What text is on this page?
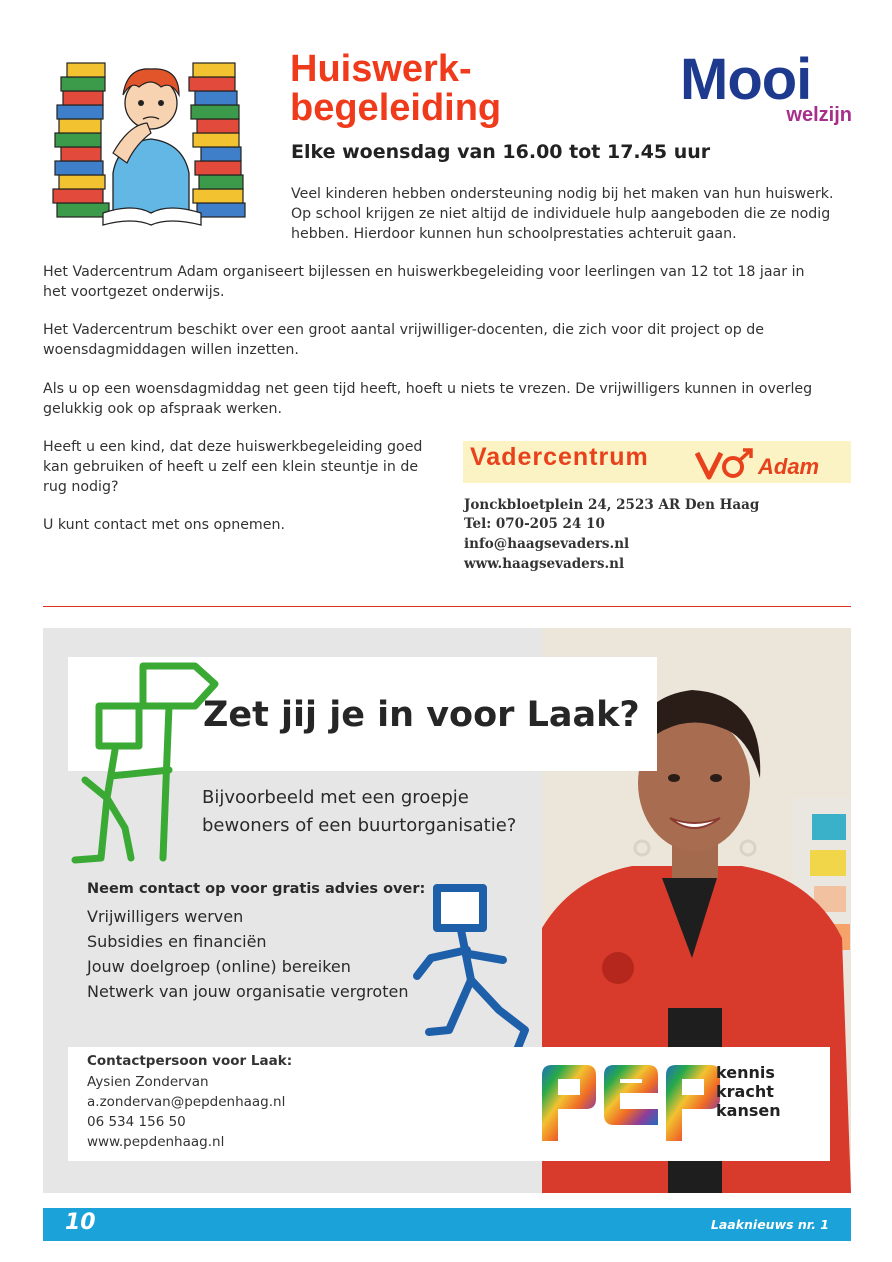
Huiswerk-
begeleiding	Mooi
welzijn
Elke woensdag van 16.00 tot 17.45 uur
Veel kinderen hebben ondersteuning nodig bij het maken van hun huiswerk.
Op school krijgen ze niet altijd de individuele hulp aangeboden die ze nodig
hebben. Hierdoor kunnen hun schoolprestaties achteruit gaan.
Het Vadercentrum Adam organiseert bijlessen en huiswerkbegeleiding voor leerlingen van 12 tot 18 jaar in
het voortgezet onderwijs.
Het Vadercentrum beschikt over een groot aantal vrijwilliger-docenten, die zich voor dit project op de
woensdagmiddagen willen inzetten.
Als u op een woensdagmiddag net geen tijd heeft, hoeft u niets te vrezen. De vrijwilligers kunnen in overleg
gelukkig ook op afspraak werken.
Heeft u een kind, dat deze huiswerkbegeleiding goed
kan gebruiken of heeft u zelf een klein steuntje in de
rug nodig?
U kunt contact met ons opnemen.
Vadercentrum	Adam
Jonckbloetplein 24, 2523 AR Den Haag
Tel: 070-205 24 10
info@haagsevaders.nl
www.haagsevaders.nl
Zet jij je in voor Laak?
Bijvoorbeeld met een groepje
bewoners of een buurtorganisatie?
Neem contact op voor gratis advies over:
Vrijwilligers werven
Subsidies en financiën
Jouw doelgroep (online) bereiken
Netwerk van jouw organisatie vergroten
Contactpersoon voor Laak:
Aysien Zondervan
a.zondervan@pepdenhaag.nl
06 534 156 50
www.pepdenhaag.nl
kennis
kracht
kansen
10	Laaknieuws nr. 1
